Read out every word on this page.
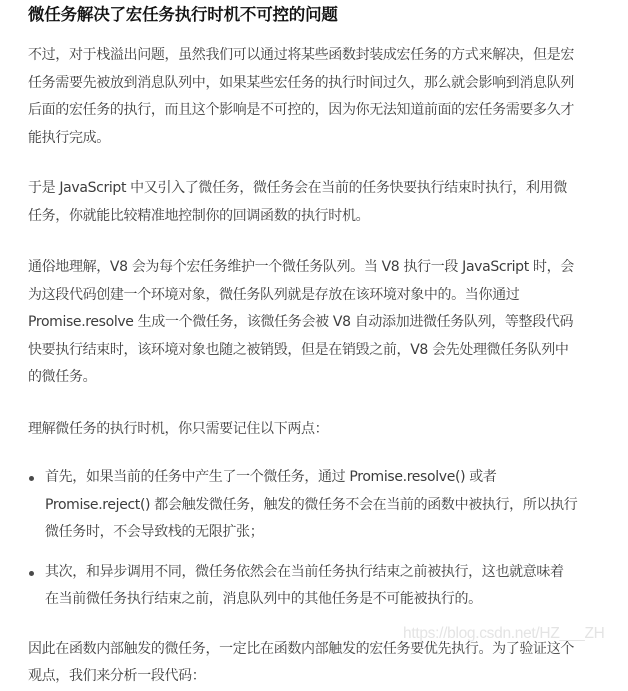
微任务解决了宏任务执行时机不可控的问题

不过，对于栈溢出问题，虽然我们可以通过将某些函数封装成宏任务的方式来解决，但是宏
任务需要先被放到消息队列中，如果某些宏任务的执行时间过久，那么就会影响到消息队列
后面的宏任务的执行，而且这个影响是不可控的，因为你无法知道前面的宏任务需要多久才
能执行完成。

于是 JavaScript 中又引入了微任务，微任务会在当前的任务快要执行结束时执行，利用微
任务，你就能比较精准地控制你的回调函数的执行时机。

通俗地理解，V8 会为每个宏任务维护一个微任务队列。当 V8 执行一段 JavaScript 时，会
为这段代码创建一个环境对象，微任务队列就是存放在该环境对象中的。当你通过
Promise.resolve 生成一个微任务，该微任务会被 V8 自动添加进微任务队列，等整段代码
快要执行结束时，该环境对象也随之被销毁，但是在销毁之前，V8 会先处理微任务队列中
的微任务。

理解微任务的执行时机，你只需要记住以下两点：

首先，如果当前的任务中产生了一个微任务，通过 Promise.resolve() 或者
Promise.reject() 都会触发微任务，触发的微任务不会在当前的函数中被执行，所以执行
微任务时，不会导致栈的无限扩张；
其次，和异步调用不同，微任务依然会在当前任务执行结束之前被执行，这也就意味着
在当前微任务执行结束之前，消息队列中的其他任务是不可能被执行的。

因此在函数内部触发的微任务，一定比在函数内部触发的宏任务要优先执行。为了验证这个
观点，我们来分析一段代码：

https://blog.csdn.net/HZ___ZH
